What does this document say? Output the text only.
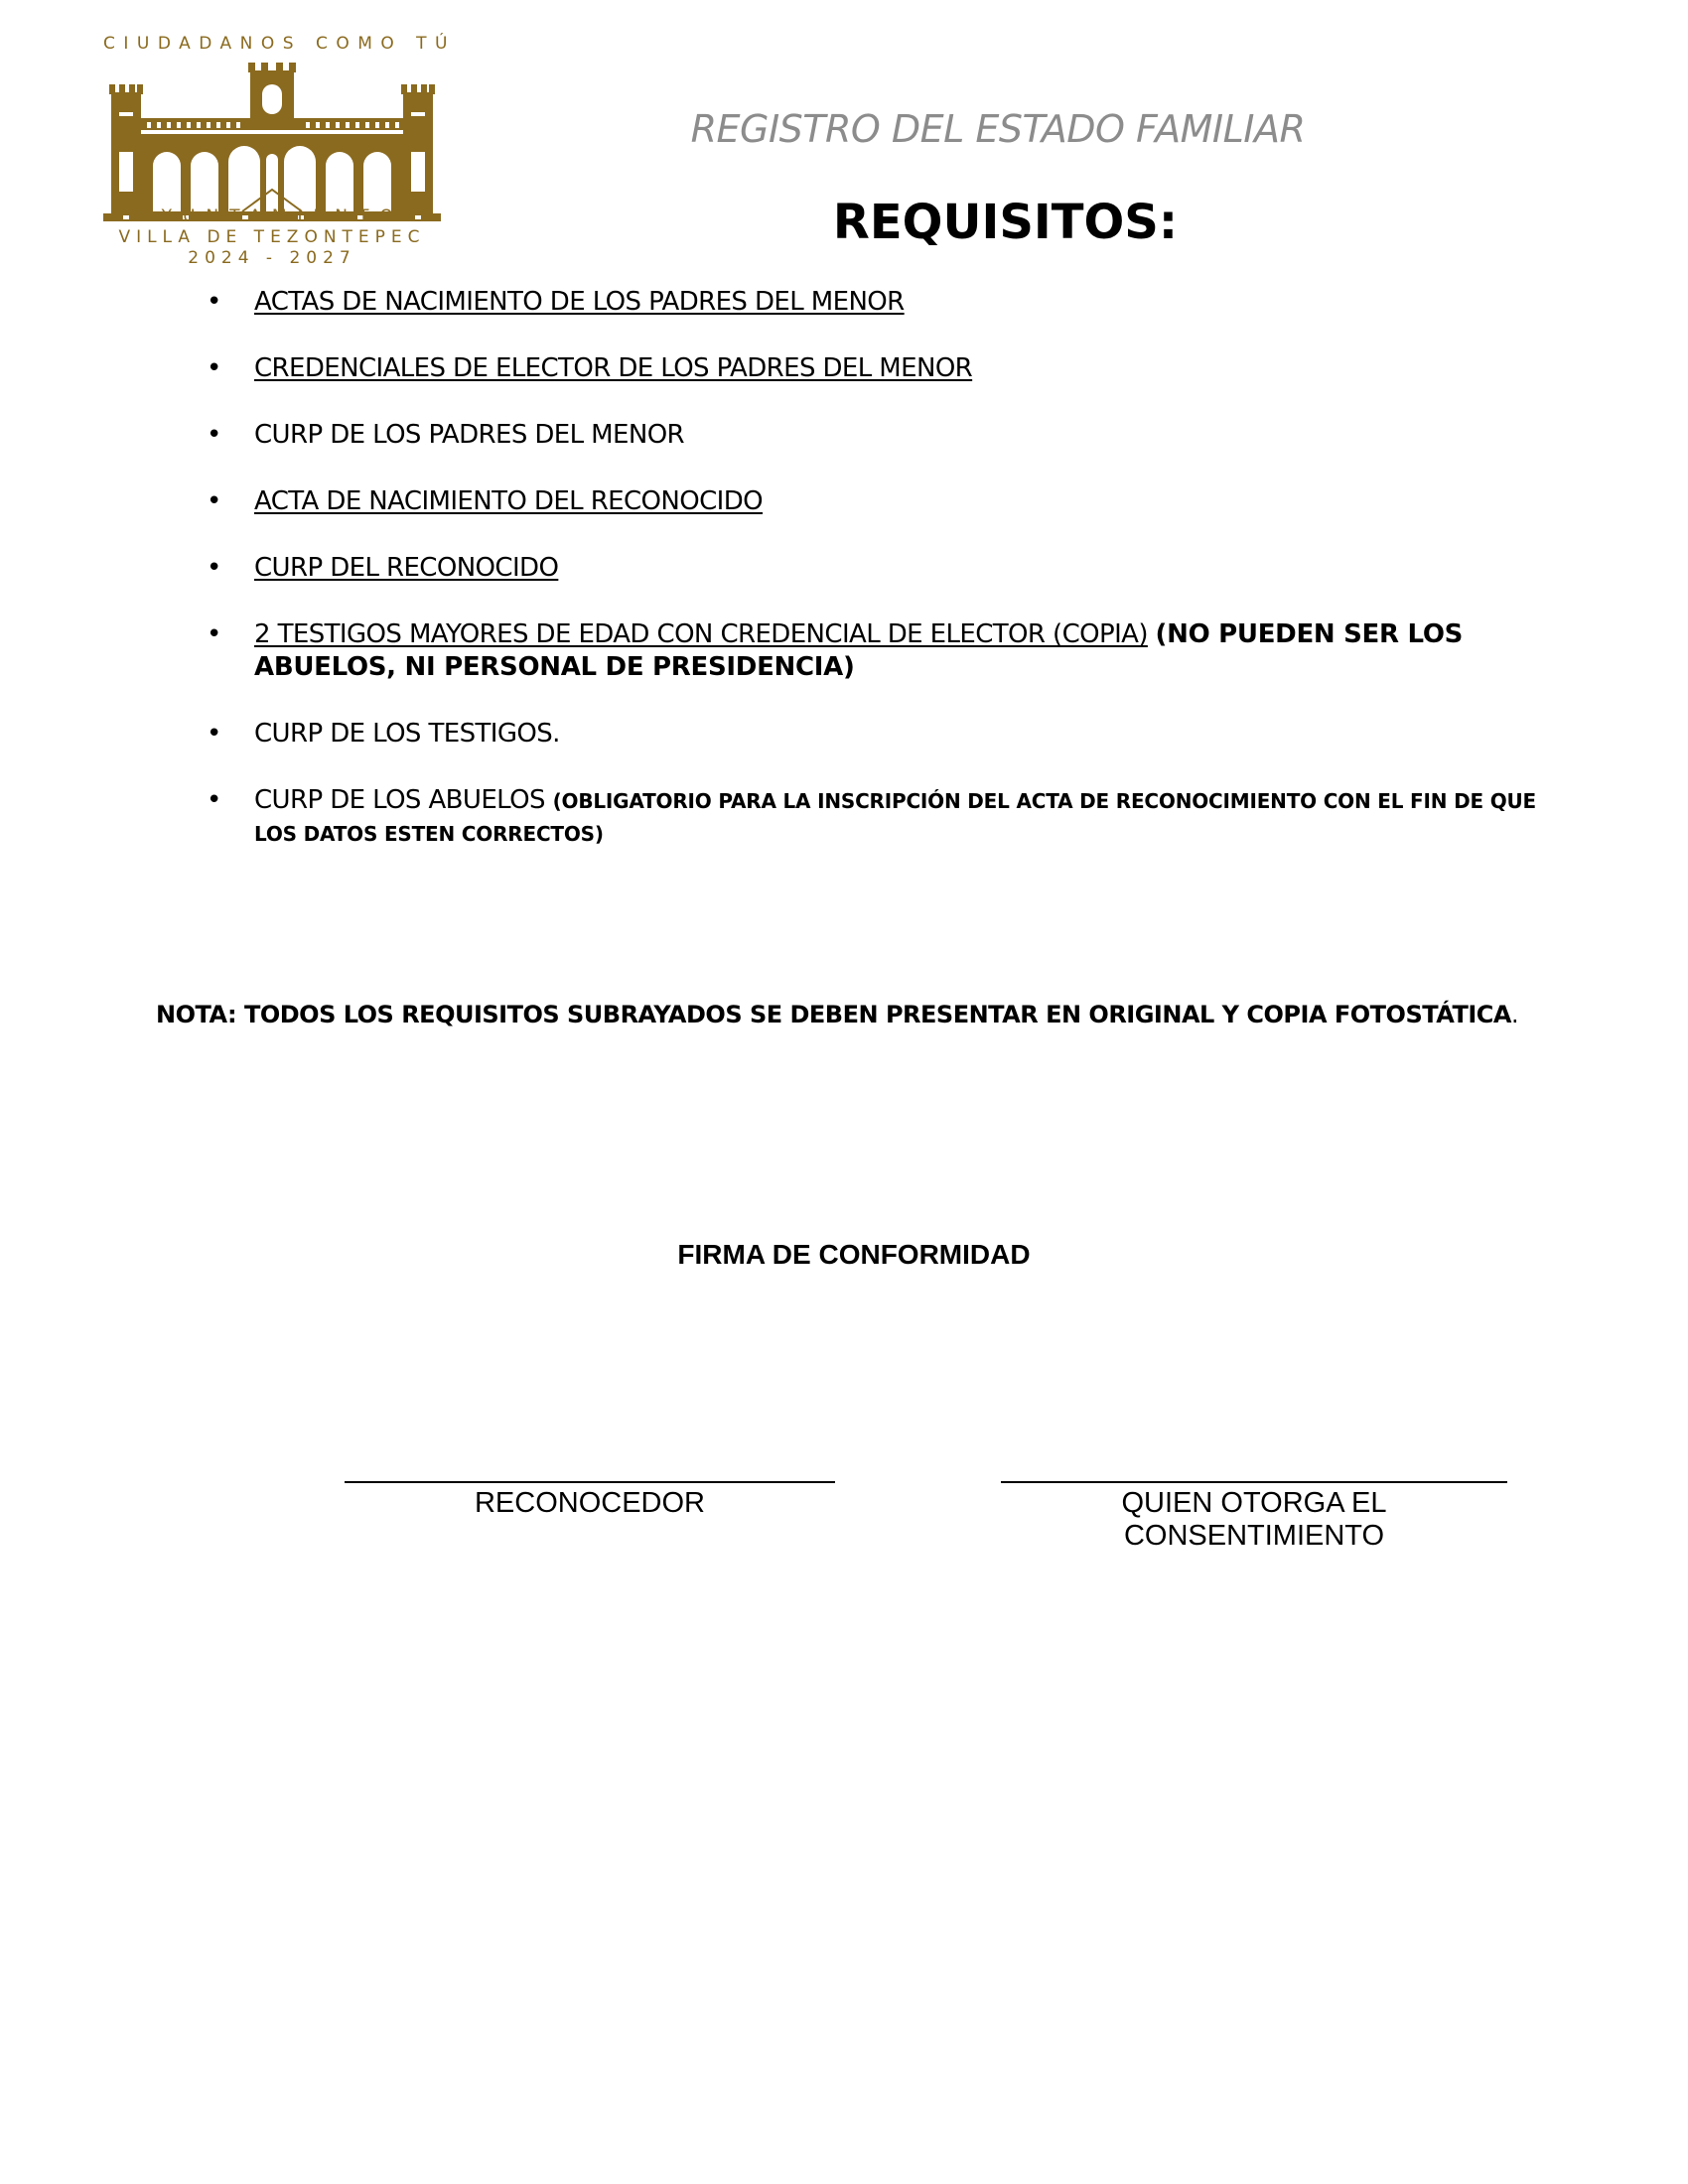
CIUDADANOS COMO TÚ
AYUNTAMIENTO
VILLA DE TEZONTEPEC
2024 - 2027
REGISTRO DEL ESTADO FAMILIAR
REQUISITOS:
• ACTAS DE NACIMIENTO DE LOS PADRES DEL MENOR
• CREDENCIALES DE ELECTOR DE LOS PADRES DEL MENOR
• CURP DE LOS PADRES DEL MENOR
• ACTA DE NACIMIENTO DEL RECONOCIDO
• CURP DEL RECONOCIDO
• 2 TESTIGOS MAYORES DE EDAD CON CREDENCIAL DE ELECTOR (COPIA) (NO PUEDEN SER LOS ABUELOS, NI PERSONAL DE PRESIDENCIA)
• CURP DE LOS TESTIGOS.
• CURP DE LOS ABUELOS (OBLIGATORIO PARA LA INSCRIPCIÓN DEL ACTA DE RECONOCIMIENTO CON EL FIN DE QUE LOS DATOS ESTEN CORRECTOS)
NOTA: TODOS LOS REQUISITOS SUBRAYADOS SE DEBEN PRESENTAR EN ORIGINAL Y COPIA FOTOSTÁTICA.
FIRMA DE CONFORMIDAD
RECONOCEDOR	QUIEN OTORGA EL CONSENTIMIENTO
